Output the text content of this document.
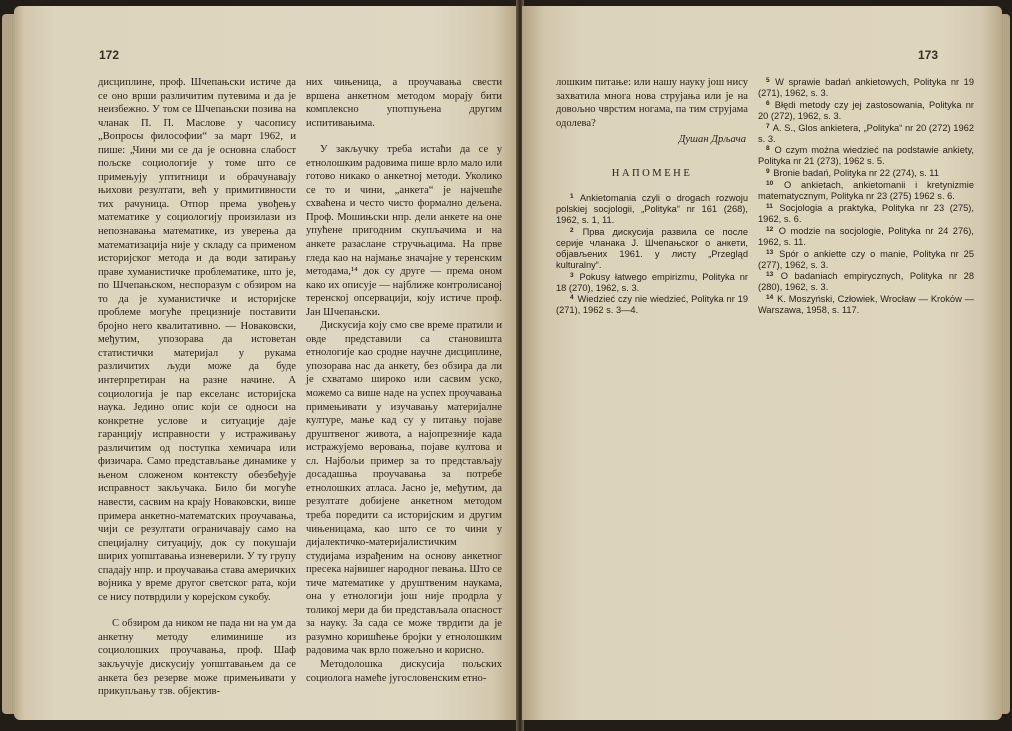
172

дисциплине, проф. Шчепањски истиче да се оно врши различитим путевима и да је неизбежно. У том се Шчепањски позива на чланак П. П. Маслове у часопису „Вопросы философии“ за март 1962, и пише: „Чини ми се да је основна слабост пољске социологије у томе што се примењују уптитници и обрачунавају њихови резултати, већ у примитивности тих рачуница. Отпор према увођењу математике у социологију произилази из непознавања математике, из уверења да математизација није у складу са применом историјског метода и да води затирању праве хуманистичке проблематике, што је, по Шчепањском, неспоразум с обзиром на то да је хуманистичке и историјске проблеме могуће прецизније поставити бројно него квалитативно. — Новаковски, међутим, упозорава да истоветан статистички материјал у рукама различитих људи може да буде интерпретиран на разне начине. А социологија је пар екселанс историјска наука. Једино опис који се односи на конкретне услове и ситуације даје гаранцију исправности у истраживању различитим од поступка хемичара или физичара. Само представљање динамике у њеном сложеном контексту обезбеђује исправност закључака. Било би могуће навести, сасвим на крају Новаковски, више примера анкетно-математских проучавања, чији се резултати ограничавају само на специјалну ситуацију, док су покушаји ширих уопштавања изневерили. У ту групу спадају нпр. и проучавања става америчких војника у време другог светског рата, који се нису потврдили у корејском сукобу.

С обзиром да ником не пада ни на ум да анкетну методу елиминише из социолошких проучавања, проф. Шаф закључује дискусију уопштавањем да се анкета без резерве може примењивати у прикупљању тзв. објектив-

них чињеница, а проучавања свести вршена анкетном методом морају бити комплексно употпуњена другим испитивањима.

У закључку треба истаћи да се у етнолошким радовима пише врло мало или готово никако о анкетној методи. Уколико се то и чини, „анкета“ је најчешће схваћена и често чисто формално дељена. Проф. Мошињски нпр. дели анкете на оне упућене пригодним скупљачима и на анкете разаслане стручњацима. На прве гледа као на најмање значајне у теренским методама,¹⁴ док су друге — према оном како их описује — најближе контролисаној теренској опсервацији, коју истиче проф. Јан Шчепањски.

Дискусија коју смо све време пратили и овде представили са становишта етнологије као сродне научне дисциплине, упозорава нас да анкету, без обзира да ли је схватамо широко или сасвим уско, можемо са више наде на успех проучавања примењивати у изучавању материјалне културе, мање кад су у питању појаве друштвеног живота, а најопрезније када истражујемо веровања, појаве култова и сл. Најбољи пример за то представљају досадашња проучавања за потребе етнолошких атласа. Јасно је, међутим, да резултате добијене анкетном методом треба поредити са историјским и другим чињеницама, као што се то чини у дијалектичко-материјалистичким студијама израђеним на основу анкетног пресека највишег народног певања. Што се тиче математике у друштвеним наукама, она у етнологији још није продрла у толикој мери да би представљала опасност за науку. За сада се може тврдити да је разумно коришћење бројки у етнолошким радовима чак врло пожељно и корисно.

Методолошка дискусија пољских социолога намеће југословенским етно-

173

лошким питање: или нашу науку још нису захватила многа нова струјања или је на довољно чврстим ногама, па тим струјама одолева?

Душан Дрљача
НАПОМЕНЕ

$^1$ Ankietomania czyli o drogach rozwoju polskiej socjologii, „Polityka“ nr 161 (268), 1962, s. 1, 11.

$^2$ Прва дискусија развила се после серије чланака J. Шчепањског о анкети, објављених 1961. у листу „Przegląd kulturalny“.

$^3$ Pokusy łatwego empirizmu, Polityka nr 18 (270), 1962, s. 3.

$^4$ Wiedzieć czy nie wiedzieć, Polityka nr 19 (271), 1962 s. 3—4.

$^5$ W sprawie badań ankietowych, Polityka nr 19 (271), 1962, s. 3.

$^6$ Błędi metody czy jej zastosowania, Polityka nr 20 (272), 1962, s. 3.

$^7$ A. S., Glos ankietera, „Polityka“ nr 20 (272) 1962 s. 3.

$^8$ O czym można wiedzieć na podstawie ankiety, Polityka nr 21 (273), 1962 s. 5.

$^9$ Bronie badań, Polityka nr 22 (274), s. 11

$^{10}$ O ankietach, ankietomanii i kretynizmie matematycznym, Polityka nr 23 (275) 1962 s. 6.

$^{11}$ Socjologia a praktyka, Polityka nr 23 (275), 1962, s. 6.

$^{12}$ O modzie na socjologie, Polityka nr 24 276), 1962, s. 11.

$^{13}$ Spór o ankiette czy o manie, Polityka nr 25 (277), 1962, s. 3.

$^{13}$ O badaniach empirycznych, Polityka nr 28 (280), 1962, s. 3.

$^{14}$ K. Moszyński, Człowiek, Wrocław — Krokόw — Warszawa, 1958, s. 117.
